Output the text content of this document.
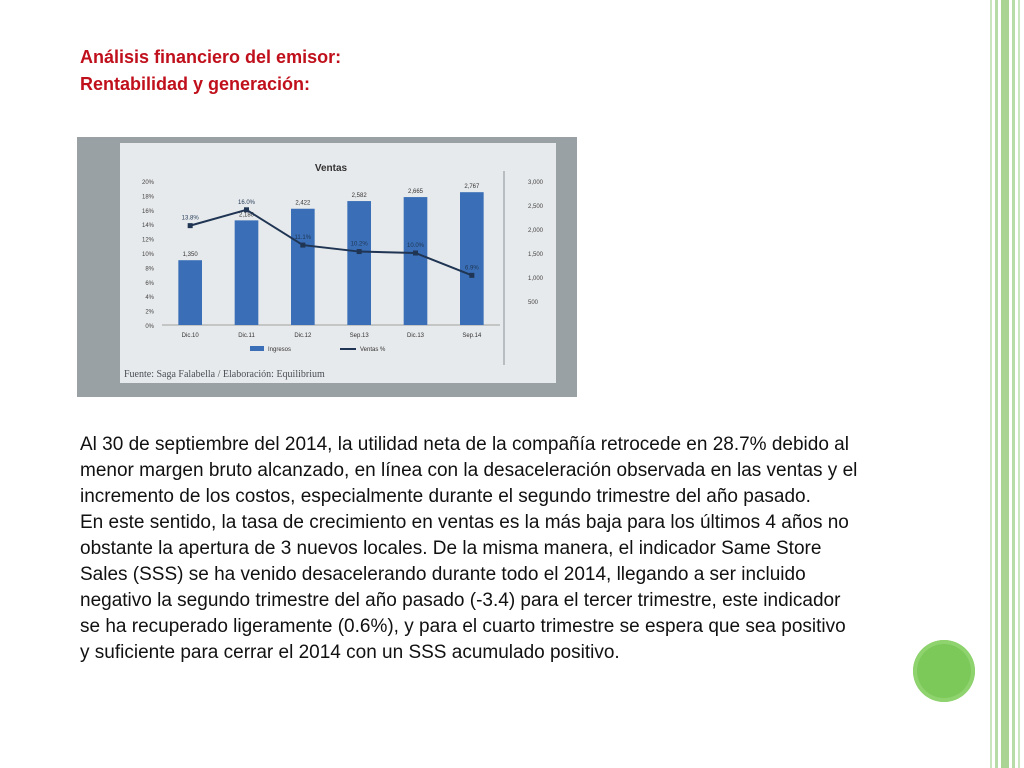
Análisis financiero del emisor:
Rentabilidad y generación:
Ventas
0%
2%
4%
6%
8%
10%
12%
14%
16%
18%
20%
500
1,000
1,500
2,000
2,500
3,000
1,350
Dic.10
2,180
Dic.11
2,422
Dic.12
2,582
Sep.13
2,665
Dic.13
2,767
Sep.14
13.8%
16.0%
11.1%
10.2%	10.0%
6.9%
Ingresos	Ventas %
Fuente: Saga Falabella / Elaboración: Equilibrium

Al 30 de septiembre del 2014, la utilidad neta de la compañía retrocede en 28.7% debido al menor margen bruto alcanzado, en línea con la desaceleración observada en las ventas y el incremento de los costos, especialmente durante el segundo trimestre del año pasado.

En este sentido, la tasa de crecimiento en ventas es la más baja para los últimos 4 años no obstante la apertura de 3 nuevos locales. De la misma manera, el indicador Same Store Sales (SSS) se ha venido desacelerando durante todo el 2014, llegando a ser incluido negativo la segundo trimestre del año pasado (-3.4) para el tercer trimestre, este indicador se ha recuperado ligeramente (0.6%), y para el cuarto trimestre se espera que sea positivo y suficiente para cerrar el 2014 con un SSS acumulado positivo.
